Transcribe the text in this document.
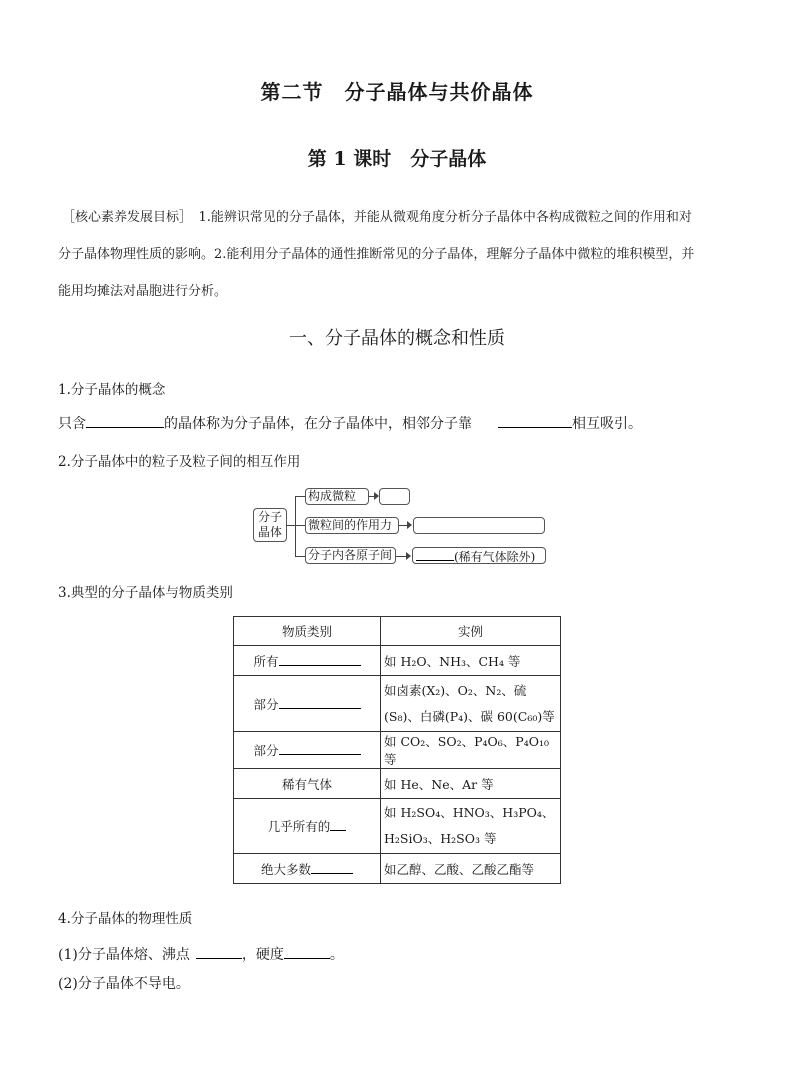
第二节　分子晶体与共价晶体
第 1 课时　分子晶体
［核心素养发展目标］　1.能辨识常见的分子晶体，并能从微观角度分析分子晶体中各构成微粒之间的作用和对
分子晶体物理性质的影响。2.能利用分子晶体的通性推断常见的分子晶体，理解分子晶体中微粒的堆积模型，并
能用均摊法对晶胞进行分析。
一、分子晶体的概念和性质
1.分子晶体的概念
只含	的晶体称为分子晶体，在分子晶体中，相邻分子靠	相互吸引。
2.分子晶体中的粒子及粒子间的相互作用
分子
晶体
构成微粒
微粒间的作用力
分子内各原子间	(稀有气体除外)
3.典型的分子晶体与物质类别
物质类别	实例
所有	如 H₂O、NH₃、CH₄ 等
部分	如卤素(X₂)、O₂、N₂、硫
(S₈)、白磷(P₄)、碳 60(C₆₀)等

部分	如 CO₂、SO₂、P₄O₆、P₄O₁₀等
稀有气体	如 He、Ne、Ar 等
几乎所有的	如 H₂SO₄、HNO₃、H₃PO₄、
H₂SiO₃、H₂SO₃ 等

绝大多数	如乙醇、乙酸、乙酸乙酯等
4.分子晶体的物理性质
(1)分子晶体熔、沸点	，硬度	。
(2)分子晶体不导电。
